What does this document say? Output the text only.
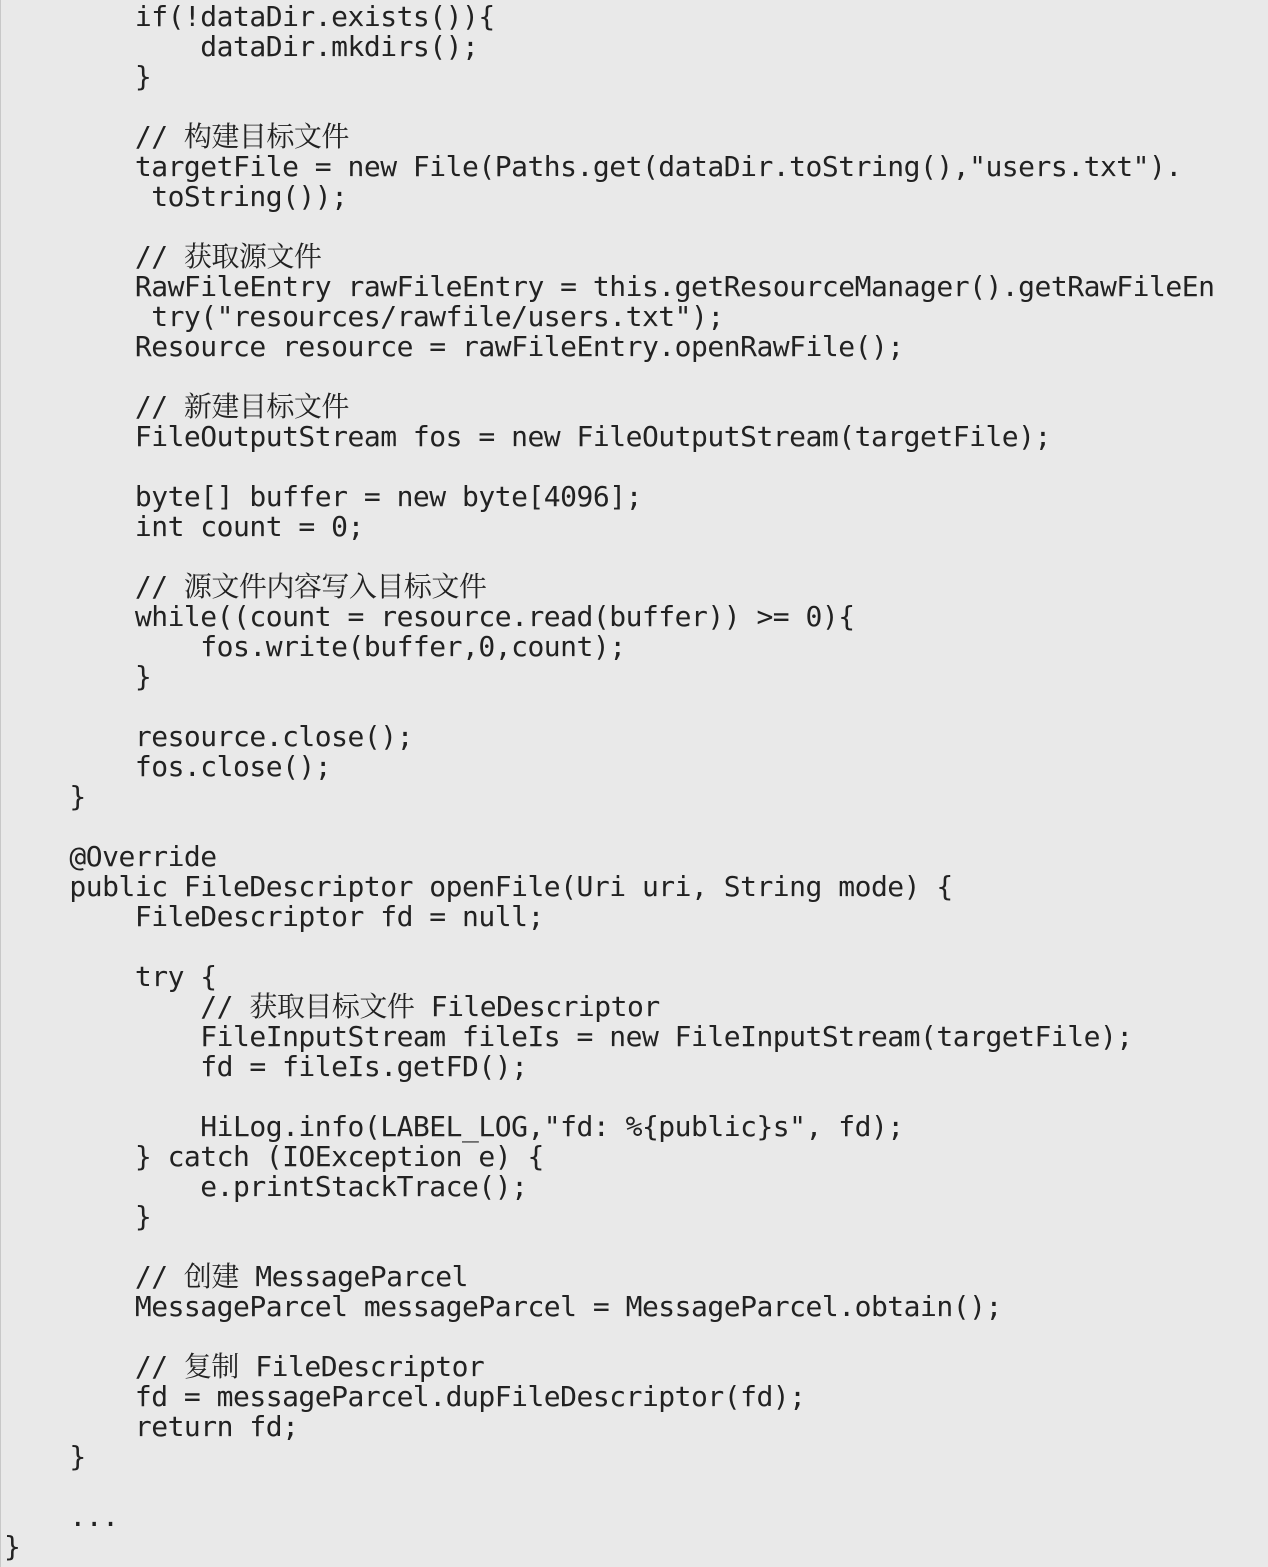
if(!dataDir.exists()){
dataDir.mkdirs();
}
// 构建目标文件
targetFile = new File(Paths.get(dataDir.toString(),"users.txt").
toString());
// 获取源文件
RawFileEntry rawFileEntry = this.getResourceManager().getRawFileEn
try("resources/rawfile/users.txt");
Resource resource = rawFileEntry.openRawFile();
// 新建目标文件
FileOutputStream fos = new FileOutputStream(targetFile);
byte[] buffer = new byte[4096];
int count = 0;
// 源文件内容写入目标文件
while((count = resource.read(buffer)) >= 0){
fos.write(buffer,0,count);
}
resource.close();
fos.close();
}
@Override
public FileDescriptor openFile(Uri uri, String mode) {
FileDescriptor fd = null;
try {
// 获取目标文件 FileDescriptor
FileInputStream fileIs = new FileInputStream(targetFile);
fd = fileIs.getFD();
HiLog.info(LABEL_LOG,"fd: %{public}s", fd);
} catch (IOException e) {
e.printStackTrace();
}
// 创建 MessageParcel
MessageParcel messageParcel = MessageParcel.obtain();
// 复制 FileDescriptor
fd = messageParcel.dupFileDescriptor(fd);
return fd;
}
...
}
